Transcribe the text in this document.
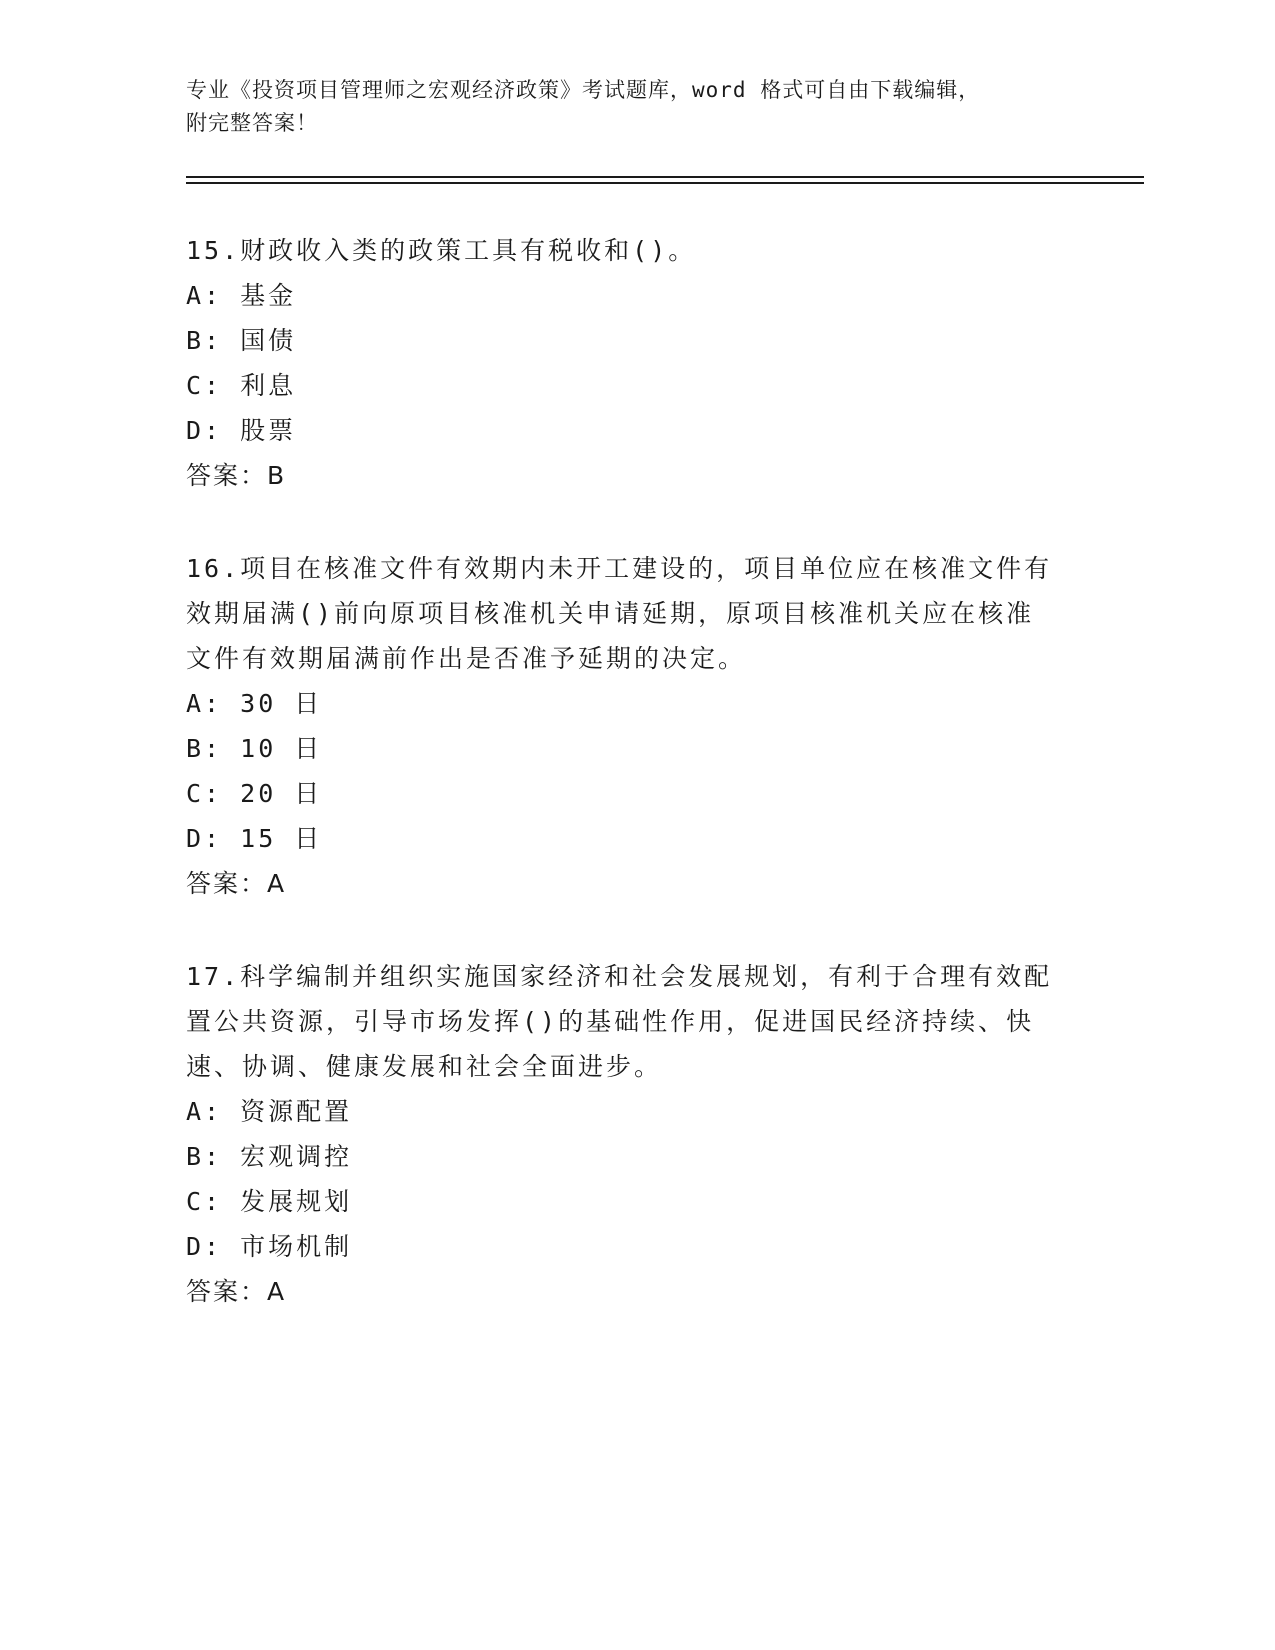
专业《投资项目管理师之宏观经济政策》考试题库，word 格式可自由下载编辑，

附完整答案！

15.财政收入类的政策工具有税收和()。

A: 基金

B: 国债

C: 利息

D: 股票

答案：B

16.项目在核准文件有效期内未开工建设的，项目单位应在核准文件有

效期届满()前向原项目核准机关申请延期，原项目核准机关应在核准

文件有效期届满前作出是否准予延期的决定。

A: 30 日

B: 10 日

C: 20 日

D: 15 日

答案：A

17.科学编制并组织实施国家经济和社会发展规划，有利于合理有效配

置公共资源，引导市场发挥()的基础性作用，促进国民经济持续、快

速、协调、健康发展和社会全面进步。

A: 资源配置

B: 宏观调控

C: 发展规划

D: 市场机制

答案：A
